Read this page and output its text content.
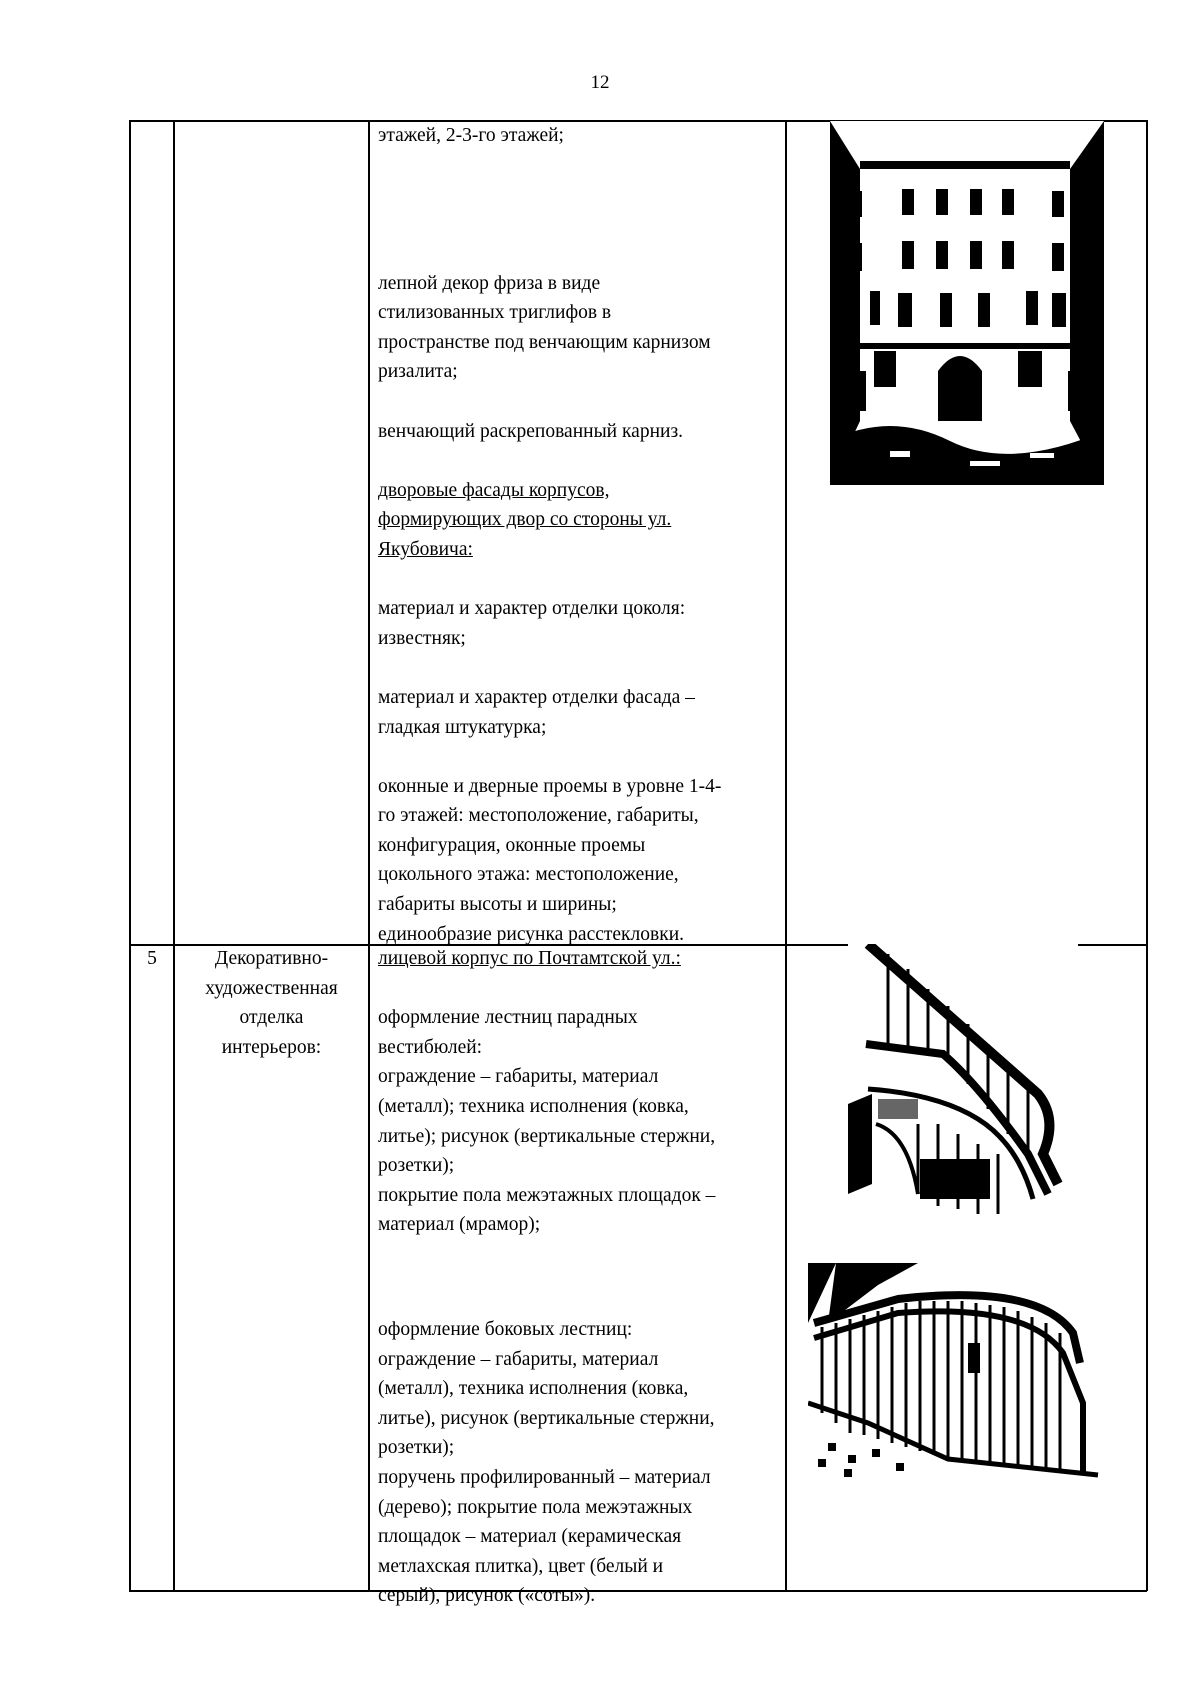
12
этажей, 2-3-го этажей;
лепной декор фриза в виде
стилизованных триглифов в
пространстве под венчающим карнизом
ризалита;
венчающий раскрепованный карниз.
дворовые фасады корпусов,
формирующих двор со стороны ул.
Якубовича:
материал и характер отделки цоколя:
известняк;
материал и характер отделки фасада –
гладкая штукатурка;
оконные и дверные проемы в уровне 1-4-
го этажей: местоположение, габариты,
конфигурация, оконные проемы
цокольного этажа: местоположение,
габариты высоты и ширины;
единообразие рисунка расстекловки.
5	Декоративно-
художественная
отделка
интерьеров:
лицевой корпус по Почтамтской ул.:
оформление лестниц парадных
вестибюлей:
ограждение – габариты, материал
(металл); техника исполнения (ковка,
литье); рисунок (вертикальные стержни,
розетки);
покрытие пола межэтажных площадок –
материал (мрамор);
оформление боковых лестниц:
ограждение – габариты, материал
(металл), техника исполнения (ковка,
литье), рисунок (вертикальные стержни,
розетки);
поручень профилированный – материал
(дерево); покрытие пола межэтажных
площадок – материал (керамическая
метлахская плитка), цвет (белый и
серый), рисунок («соты»).
